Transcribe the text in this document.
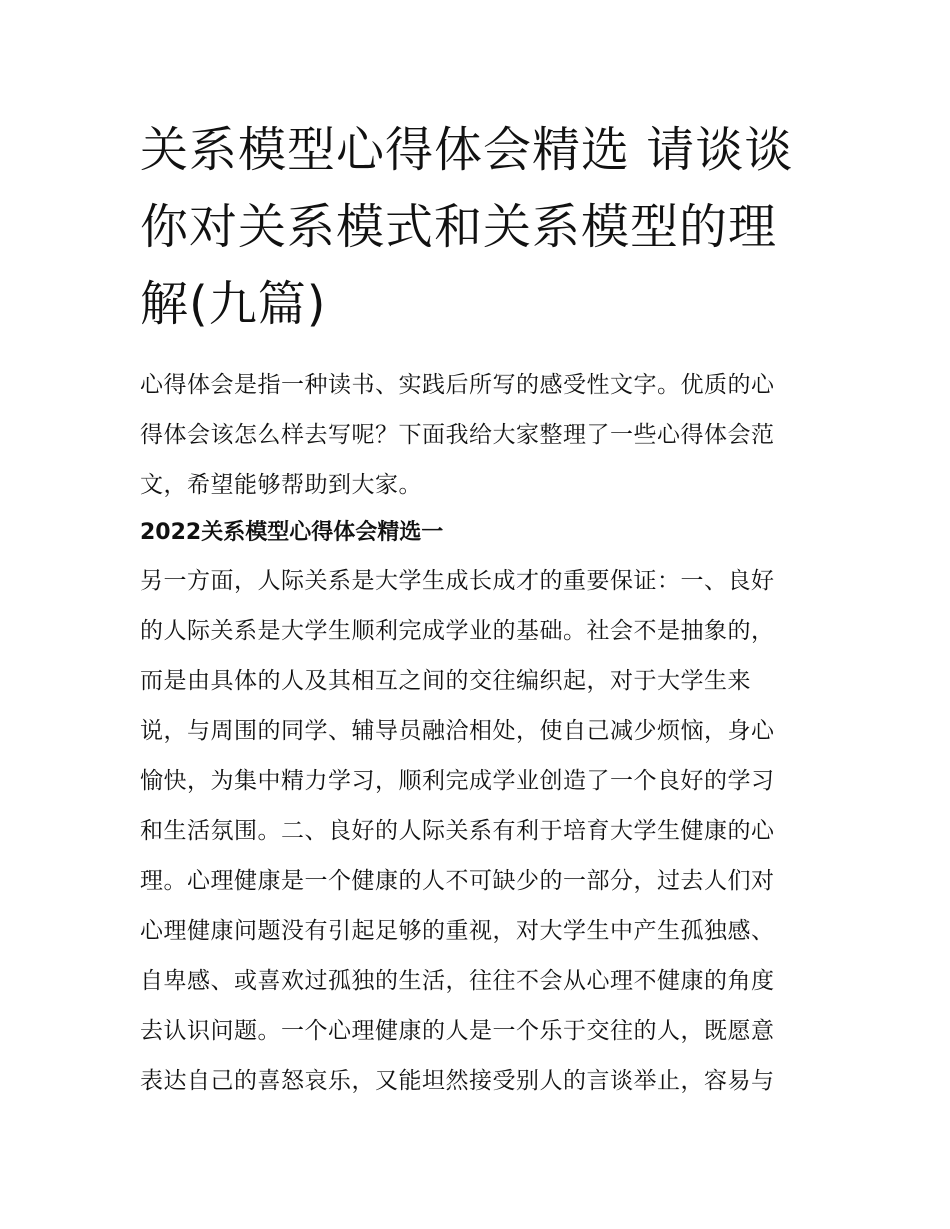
关系模型心得体会精选 请谈谈
你对关系模式和关系模型的理
解(九篇)

心得体会是指一种读书、实践后所写的感受性文字。优质的心
得体会该怎么样去写呢？下面我给大家整理了一些心得体会范
文，希望能够帮助到大家。

2022关系模型心得体会精选一

另一方面，人际关系是大学生成长成才的重要保证：一、良好
的人际关系是大学生顺利完成学业的基础。社会不是抽象的，
而是由具体的人及其相互之间的交往编织起，对于大学生来
说，与周围的同学、辅导员融洽相处，使自己减少烦恼，身心
愉快，为集中精力学习，顺利完成学业创造了一个良好的学习
和生活氛围。二、良好的人际关系有利于培育大学生健康的心
理。心理健康是一个健康的人不可缺少的一部分，过去人们对
心理健康问题没有引起足够的重视，对大学生中产生孤独感、
自卑感、或喜欢过孤独的生活，往往不会从心理不健康的角度
去认识问题。一个心理健康的人是一个乐于交往的人，既愿意
表达自己的喜怒哀乐，又能坦然接受别人的言谈举止，容易与
